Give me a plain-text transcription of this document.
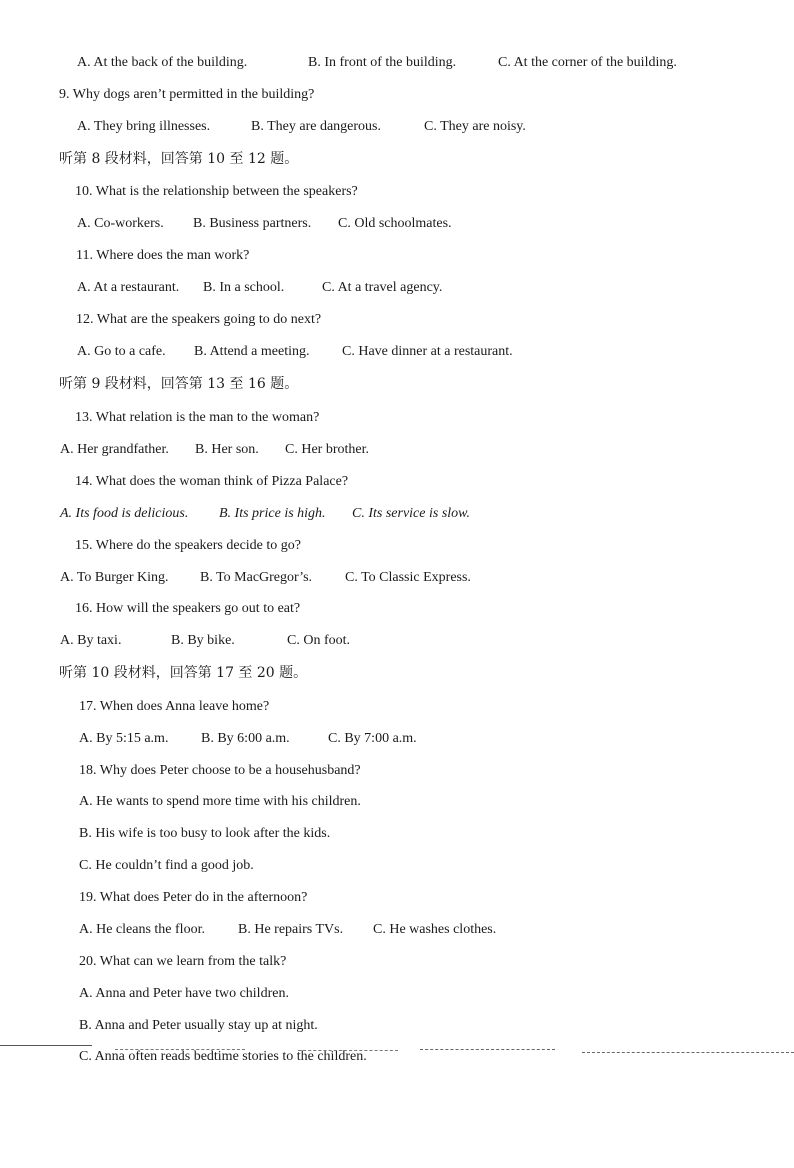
A. At the back of the building.	B. In front of the building.	C. At the corner of the building.
9. Why dogs aren’t permitted in the building?
A. They bring illnesses.	B. They are dangerous.	C. They are noisy.
听第 8 段材料，回答第 10 至 12 题。
10. What is the relationship between the speakers?
A. Co-workers. B. Business partners. C. Old schoolmates.
11. Where does the man work?
A. At a restaurant. B. In a school.	C. At a travel agency.
12. What are the speakers going to do next?
A. Go to a cafe. B. Attend a meeting. C. Have dinner at a restaurant.
听第 9 段材料，回答第 13 至 16 题。
13. What relation is the man to the woman?
A. Her grandfather. B. Her son. C. Her brother.
14. What does the woman think of Pizza Palace?
A. Its food is delicious. B. Its price is high. C. Its service is slow.
15. Where do the speakers decide to go?
A. To Burger King. B. To MacGregor’s. C. To Classic Express.
16. How will the speakers go out to eat?
A. By taxi.	B. By bike.	C. On foot.
听第 10 段材料，回答第 17 至 20 题。
17. When does Anna leave home?
A. By 5:15 a.m. B. By 6:00 a.m.	C. By 7:00 a.m.
18. Why does Peter choose to be a househusband?
A. He wants to spend more time with his children.
B. His wife is too busy to look after the kids.
C. He couldn’t find a good job.
19. What does Peter do in the afternoon?
A. He cleans the floor. B. He repairs TVs. C. He washes clothes.
20. What can we learn from the talk?
A. Anna and Peter have two children.
B. Anna and Peter usually stay up at night.
C. Anna often reads bedtime stories to the children.
